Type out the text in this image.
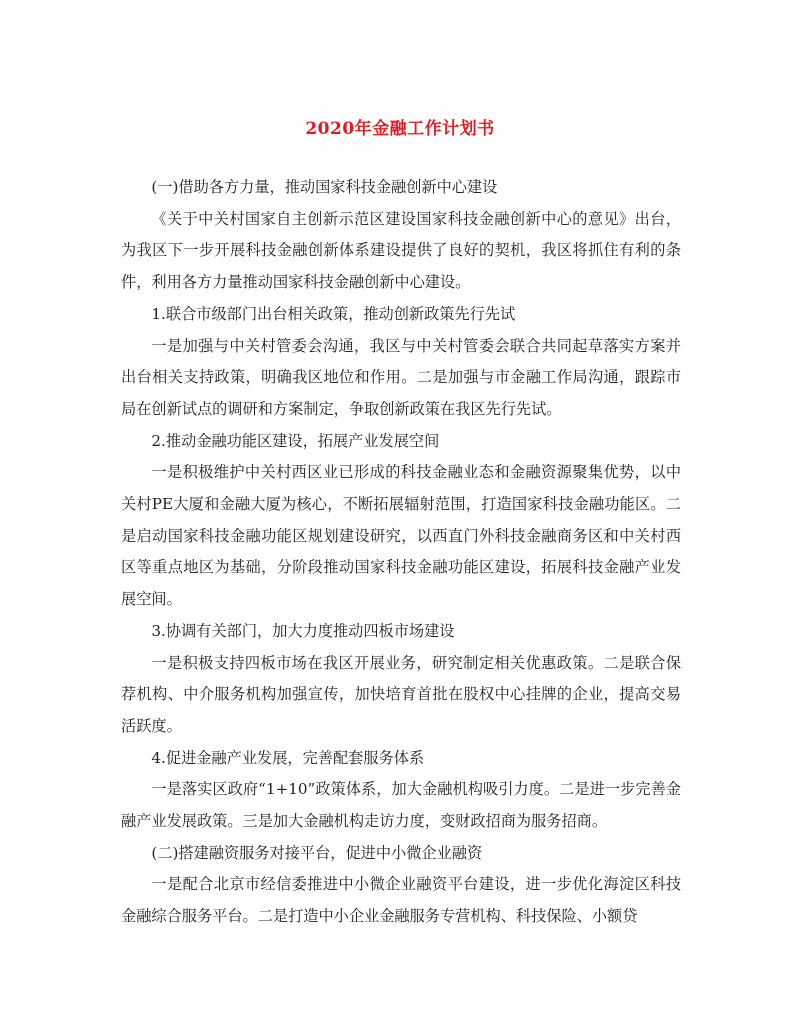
2020年金融工作计划书

(一)借助各方力量，推动国家科技金融创新中心建设

《关于中关村国家自主创新示范区建设国家科技金融创新中心的意见》出台，为我区下一步开展科技金融创新体系建设提供了良好的契机，我区将抓住有利的条件，利用各方力量推动国家科技金融创新中心建设。

1.联合市级部门出台相关政策，推动创新政策先行先试

一是加强与中关村管委会沟通，我区与中关村管委会联合共同起草落实方案并出台相关支持政策，明确我区地位和作用。二是加强与市金融工作局沟通，跟踪市局在创新试点的调研和方案制定，争取创新政策在我区先行先试。

2.推动金融功能区建设，拓展产业发展空间

一是积极维护中关村西区业已形成的科技金融业态和金融资源聚集优势，以中关村PE大厦和金融大厦为核心，不断拓展辐射范围，打造国家科技金融功能区。二是启动国家科技金融功能区规划建设研究，以西直门外科技金融商务区和中关村西区等重点地区为基础，分阶段推动国家科技金融功能区建设，拓展科技金融产业发展空间。

3.协调有关部门，加大力度推动四板市场建设

一是积极支持四板市场在我区开展业务，研究制定相关优惠政策。二是联合保荐机构、中介服务机构加强宣传，加快培育首批在股权中心挂牌的企业，提高交易活跃度。

4.促进金融产业发展，完善配套服务体系

一是落实区政府“1+10”政策体系，加大金融机构吸引力度。二是进一步完善金融产业发展政策。三是加大金融机构走访力度，变财政招商为服务招商。

(二)搭建融资服务对接平台，促进中小微企业融资

一是配合北京市经信委推进中小微企业融资平台建设，进一步优化海淀区科技金融综合服务平台。二是打造中小企业金融服务专营机构、科技保险、小额贷
